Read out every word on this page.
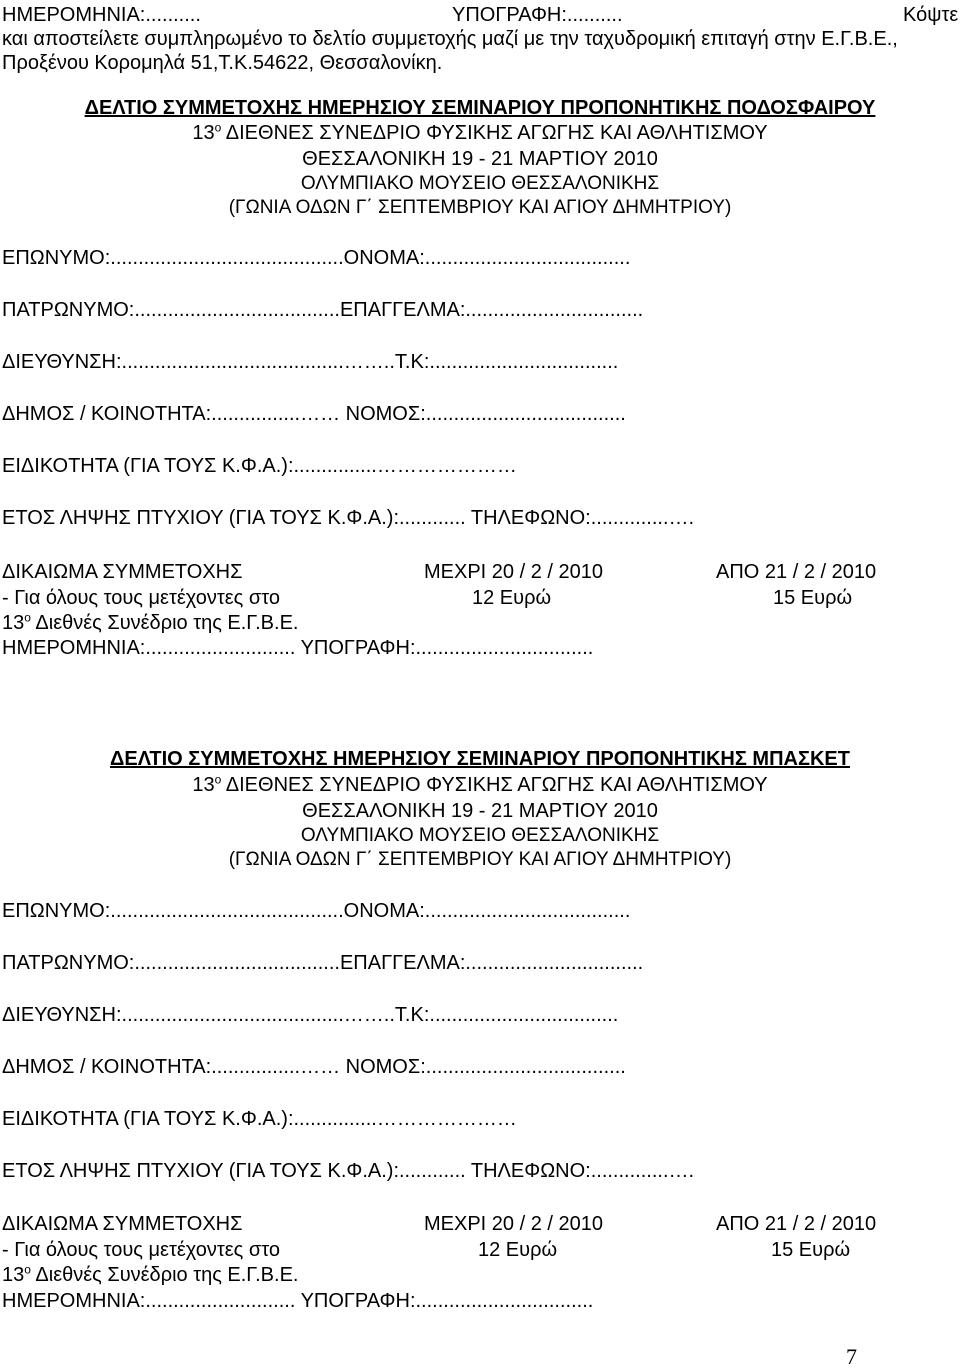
ΗΜΕΡΟΜΗΝΙΑ:..........	ΥΠΟΓΡΑΦΗ:..........	Κόψτε
και αποστείλετε συμπληρωμένο το δελτίο συμμετοχής μαζί με την ταχυδρομική επιταγή στην Ε.Γ.Β.Ε.,
Προξένου Κορομηλά 51,Τ.Κ.54622, Θεσσαλονίκη.
ΔΕΛΤΙΟ ΣΥΜΜΕΤΟΧΗΣ ΗΜΕΡΗΣΙΟΥ ΣΕΜΙΝΑΡΙΟΥ ΠΡΟΠΟΝΗΤΙΚΗΣ ΠΟΔΟΣΦΑΙΡΟΥ
$13^o$ ΔΙΕΘΝΕΣ ΣΥΝΕΔΡΙΟ ΦΥΣΙΚΗΣ ΑΓΩΓΗΣ ΚΑΙ ΑΘΛΗΤΙΣΜΟΥ
ΘΕΣΣΑΛΟΝΙΚΗ 19 - 21 ΜΑΡΤΙΟΥ 2010
ΟΛΥΜΠΙΑΚΟ ΜΟΥΣΕΙΟ ΘΕΣΣΑΛΟΝΙΚΗΣ
(ΓΩΝΙΑ ΟΔΩΝ Γ΄ ΣΕΠΤΕΜΒΡΙΟΥ ΚΑΙ ΑΓΙΟΥ ΔΗΜΗΤΡΙΟΥ)
ΕΠΩΝΥΜΟ:..........................................ΟΝΟΜΑ:.....................................
ΠΑΤΡΩΝΥΜΟ:.....................................ΕΠΑΓΓΕΛΜΑ:................................
ΔΙΕΥΘΥΝΣΗ:........................................……..Τ.Κ:..................................
ΔΗΜΟΣ / ΚΟΙΝΟΤΗΤΑ:................…… ΝΟΜΟΣ:....................................
ΕΙΔΙΚΟΤΗΤΑ (ΓΙΑ ΤΟΥΣ Κ.Φ.Α.):...............…………………
ΕΤΟΣ ΛΗΨΗΣ ΠΤΥΧΙΟΥ (ΓΙΑ ΤΟΥΣ Κ.Φ.Α.):............ ΤΗΛΕΦΩΝΟ:..............….
ΔΙΚΑΙΩΜΑ ΣΥΜΜΕΤΟΧΗΣ	ΜΕΧΡΙ 20 / 2 / 2010	ΑΠΟ 21 / 2 / 2010
- Για όλους τους μετέχοντες στο	12 Ευρώ	15 Ευρώ
$13^o$ Διεθνές Συνέδριο της Ε.Γ.Β.Ε.
ΗΜΕΡΟΜΗΝΙΑ:........................... ΥΠΟΓΡΑΦΗ:................................
ΔΕΛΤΙΟ ΣΥΜΜΕΤΟΧΗΣ ΗΜΕΡΗΣΙΟΥ ΣΕΜΙΝΑΡΙΟΥ ΠΡΟΠΟΝΗΤΙΚΗΣ ΜΠΑΣΚΕΤ
$13^o$ ΔΙΕΘΝΕΣ ΣΥΝΕΔΡΙΟ ΦΥΣΙΚΗΣ ΑΓΩΓΗΣ ΚΑΙ ΑΘΛΗΤΙΣΜΟΥ
ΘΕΣΣΑΛΟΝΙΚΗ 19 - 21 ΜΑΡΤΙΟΥ 2010
ΟΛΥΜΠΙΑΚΟ ΜΟΥΣΕΙΟ ΘΕΣΣΑΛΟΝΙΚΗΣ
(ΓΩΝΙΑ ΟΔΩΝ Γ΄ ΣΕΠΤΕΜΒΡΙΟΥ ΚΑΙ ΑΓΙΟΥ ΔΗΜΗΤΡΙΟΥ)
ΕΠΩΝΥΜΟ:..........................................ΟΝΟΜΑ:.....................................
ΠΑΤΡΩΝΥΜΟ:.....................................ΕΠΑΓΓΕΛΜΑ:................................
ΔΙΕΥΘΥΝΣΗ:........................................……..Τ.Κ:..................................
ΔΗΜΟΣ / ΚΟΙΝΟΤΗΤΑ:................…… ΝΟΜΟΣ:....................................
ΕΙΔΙΚΟΤΗΤΑ (ΓΙΑ ΤΟΥΣ Κ.Φ.Α.):...............…………………
ΕΤΟΣ ΛΗΨΗΣ ΠΤΥΧΙΟΥ (ΓΙΑ ΤΟΥΣ Κ.Φ.Α.):............ ΤΗΛΕΦΩΝΟ:..............….
ΔΙΚΑΙΩΜΑ ΣΥΜΜΕΤΟΧΗΣ	ΜΕΧΡΙ 20 / 2 / 2010	ΑΠΟ 21 / 2 / 2010
- Για όλους τους μετέχοντες στο	12 Ευρώ	15 Ευρώ
$13^o$ Διεθνές Συνέδριο της Ε.Γ.Β.Ε.
ΗΜΕΡΟΜΗΝΙΑ:........................... ΥΠΟΓΡΑΦΗ:................................
7
